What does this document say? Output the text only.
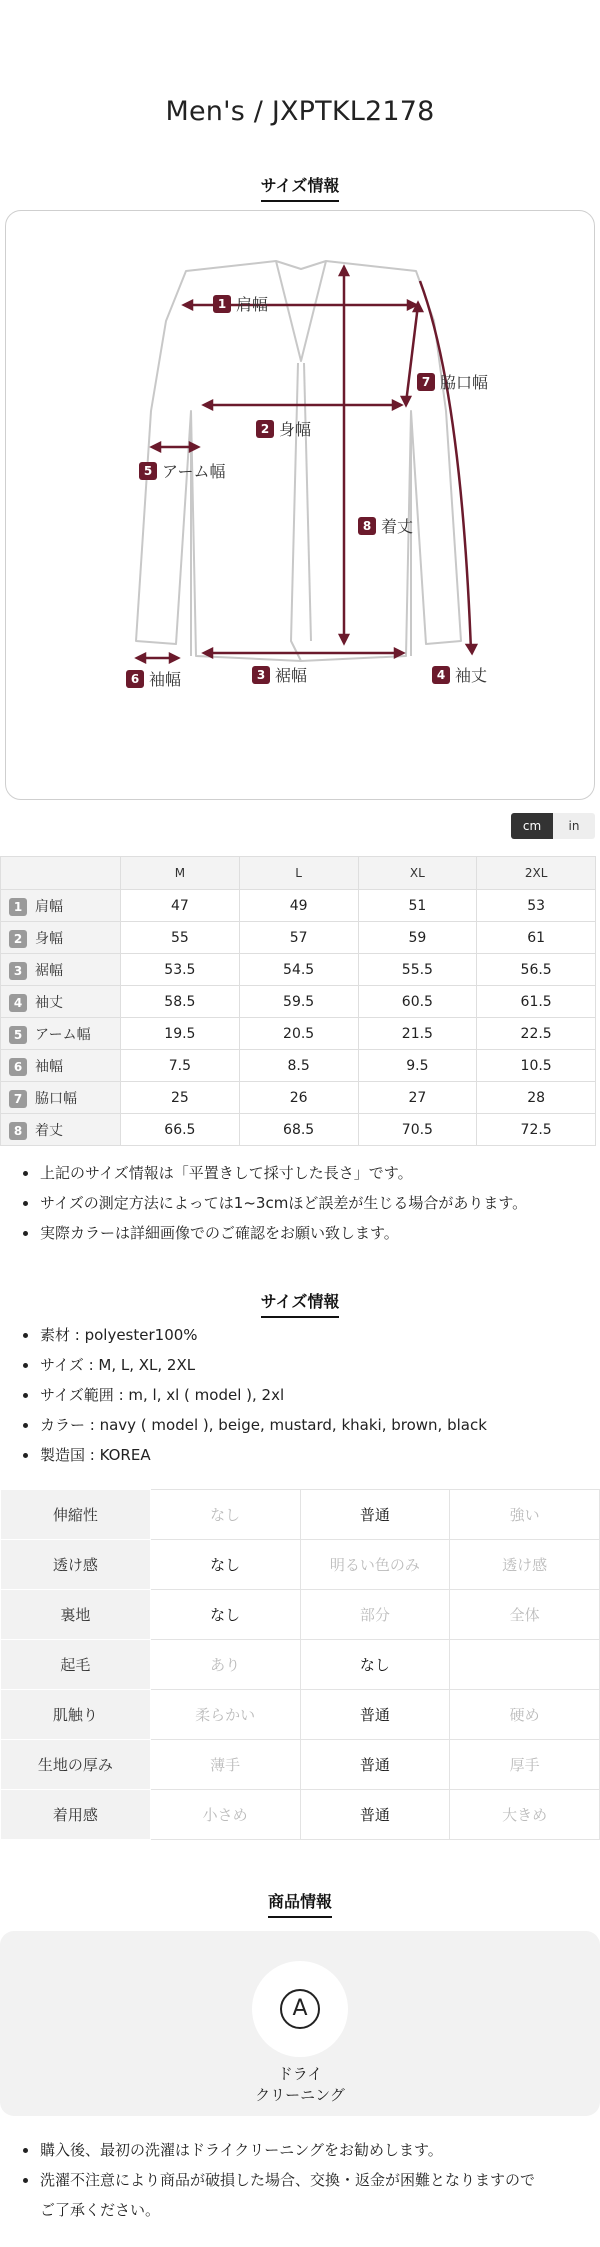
Men's / JXPTKL2178
サイズ情報
1 肩幅
7 脇口幅
2 身幅
5 アーム幅
8 着丈
6 袖幅	3 裾幅	4 袖丈
cm	in
	M	L	XL	2XL
1 肩幅	47	49	51	53
2 身幅	55	57	59	61
3 裾幅	53.5	54.5	55.5	56.5
4 袖丈	58.5	59.5	60.5	61.5
5 アーム幅	19.5	20.5	21.5	22.5
6 袖幅	7.5	8.5	9.5	10.5
7 脇口幅	25	26	27	28
8 着丈	66.5	68.5	70.5	72.5
上記のサイズ情報は「平置きして採寸した長さ」です。
サイズの測定方法によっては1~3cmほど誤差が生じる場合があります。
実際カラーは詳細画像でのご確認をお願い致します。
サイズ情報
素材 : polyester100%
サイズ : M, L, XL, 2XL
サイズ範囲 : m, l, xl ( model ), 2xl
カラー : navy ( model ), beige, mustard, khaki, brown, black
製造国 : KOREA
伸縮性	なし	普通	強い
透け感	なし	明るい色のみ	透け感
裏地	なし	部分	全体
起毛	あり	なし	
肌触り	柔らかい	普通	硬め
生地の厚み	薄手	普通	厚手
着用感	小さめ	普通	大きめ
商品情報
A
ドライ
クリーニング
購入後、最初の洗濯はドライクリーニングをお勧めします。
洗濯不注意により商品が破損した場合、交換・返金が困難となりますので
ご了承ください。
